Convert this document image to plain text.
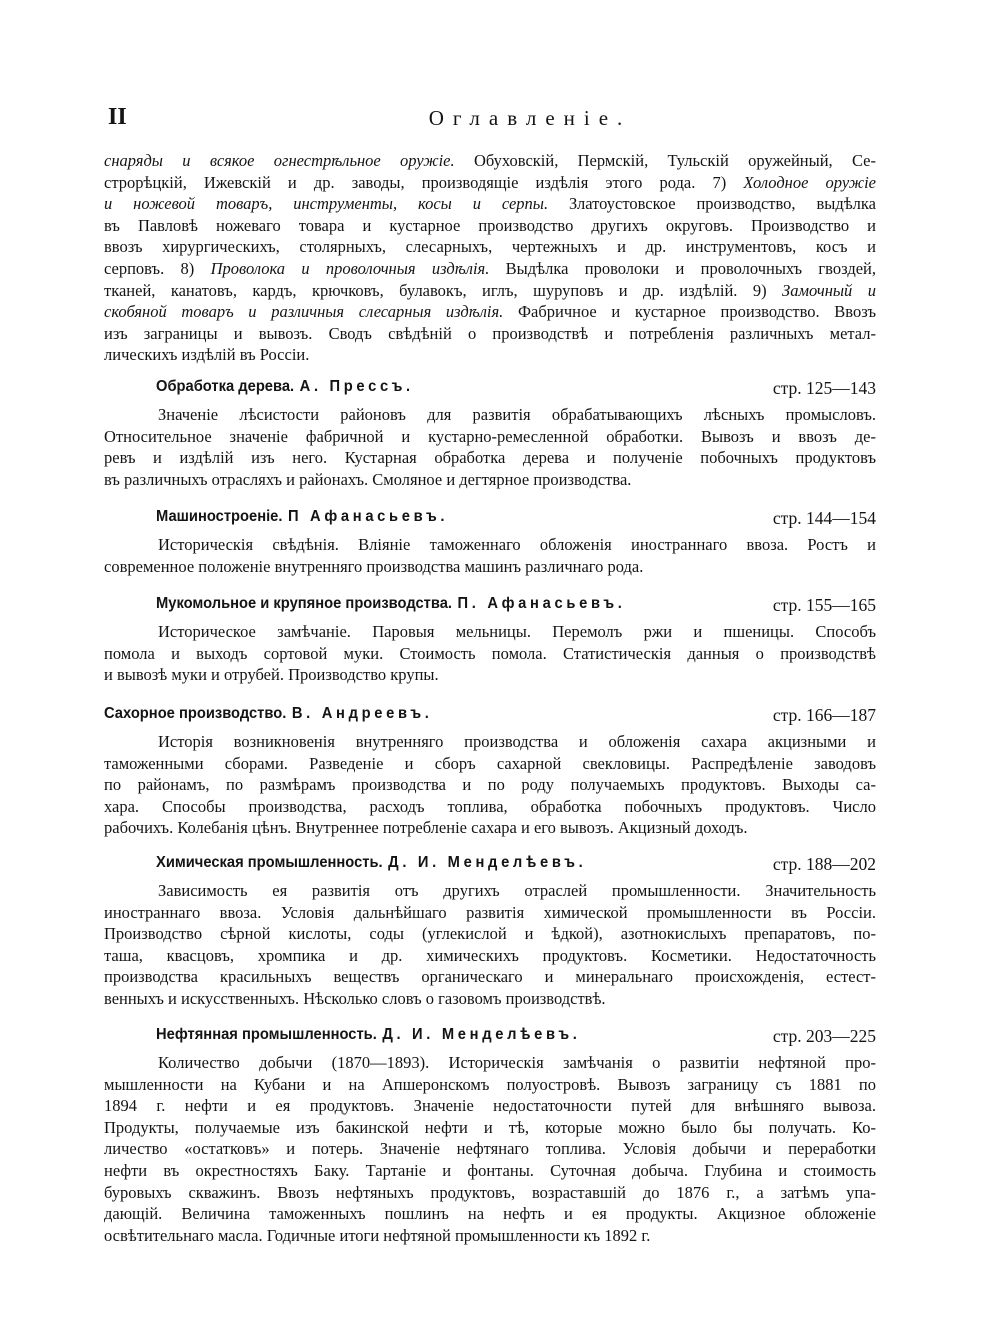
II	Оглавленіе.
снаряды и всякое огнестрѣльное оружіе. Обуховскій, Пермскій, Тульскій оружейный, Се-
строрѣцкій, Ижевскій и др. заводы, производящіе издѣлія этого рода. 7) Холодное оружіе
и ножевой товаръ, инструменты, косы и серпы. Златоустовское производство, выдѣлка
въ Павловѣ ножеваго товара и кустарное производство другихъ округовъ. Производство и
ввозъ хирургическихъ, столярныхъ, слесарныхъ, чертежныхъ и др. инструментовъ, косъ и
серповъ. 8) Проволока и проволочныя издѣлія. Выдѣлка проволоки и проволочныхъ гвоздей,
тканей, канатовъ, кардъ, крючковъ, булавокъ, иглъ, шуруповъ и др. издѣлій. 9) Замочный и
скобяной товаръ и различныя слесарныя издѣлія. Фабричное и кустарное производство. Ввозъ
изъ заграницы и вывозъ. Сводъ свѣдѣній о производствѣ и потребленія различныхъ метал-
лическихъ издѣлій въ Россіи.
Обработка дерева. А. Прессъ.	стр. 125—143
Значеніе лѣсистости районовъ для развитія обрабатывающихъ лѣсныхъ промысловъ.
Относительное значеніе фабричной и кустарно-ремесленной обработки. Вывозъ и ввозъ де-
ревъ и издѣлій изъ него. Кустарная обработка дерева и полученіе побочныхъ продуктовъ
въ различныхъ отрасляхъ и районахъ. Смоляное и дегтярное производства.
Машиностроеніе. П Афанасьевъ.	стр. 144—154
Историческія свѣдѣнія. Вліяніе таможеннаго обложенія иностраннаго ввоза. Ростъ и
современное положеніе внутренняго производства машинъ различнаго рода.
Мукомольное и крупяное производства. П. Афанасьевъ.	стр. 155—165
Историческое замѣчаніе. Паровыя мельницы. Перемолъ ржи и пшеницы. Способъ
помола и выходъ сортовой муки. Стоимость помола. Статистическія данныя о производствѣ
и вывозѣ муки и отрубей. Производство крупы.
Сахорное производство. В. Андреевъ.	стр. 166—187
Исторія возникновенія внутренняго производства и обложенія сахара акцизными и
таможенными сборами. Разведеніе и сборъ сахарной свекловицы. Распредѣленіе заводовъ
по районамъ, по размѣрамъ производства и по роду получаемыхъ продуктовъ. Выходы са-
хара. Способы производства, расходъ топлива, обработка побочныхъ продуктовъ. Число
рабочихъ. Колебанія цѣнъ. Внутреннее потребленіе сахара и его вывозъ. Акцизный доходъ.
Химическая промышленность. Д. И. Менделѣевъ.	стр. 188—202
Зависимость ея развитія отъ другихъ отраслей промышленности. Значительность
иностраннаго ввоза. Условія дальнѣйшаго развитія химической промышленности въ Россіи.
Производство сѣрной кислоты, соды (углекислой и ѣдкой), азотнокислыхъ препаратовъ, по-
таша, квасцовъ, хромпика и др. химическихъ продуктовъ. Косметики. Недостаточность
производства красильныхъ веществъ органическаго и минеральнаго происхожденія, естест-
венныхъ и искусственныхъ. Нѣсколько словъ о газовомъ производствѣ.
Нефтянная промышленность. Д. И. Менделѣевъ.	стр. 203—225
Количество добычи (1870—1893). Историческія замѣчанія о развитіи нефтяной про-
мышленности на Кубани и на Апшеронскомъ полуостровѣ. Вывозъ заграницу съ 1881 по
1894 г. нефти и ея продуктовъ. Значеніе недостаточности путей для внѣшняго вывоза.
Продукты, получаемые изъ бакинской нефти и тѣ, которые можно было бы получать. Ко-
личество «остатковъ» и потерь. Значеніе нефтянаго топлива. Условія добычи и переработки
нефти въ окрестностяхъ Баку. Тартаніе и фонтаны. Суточная добыча. Глубина и стоимость
буровыхъ скважинъ. Ввозъ нефтяныхъ продуктовъ, возраставшій до 1876 г., а затѣмъ упа-
дающій. Величина таможенныхъ пошлинъ на нефть и ея продукты. Акцизное обложеніе
освѣтительнаго масла. Годичные итоги нефтяной промышленности къ 1892 г.
